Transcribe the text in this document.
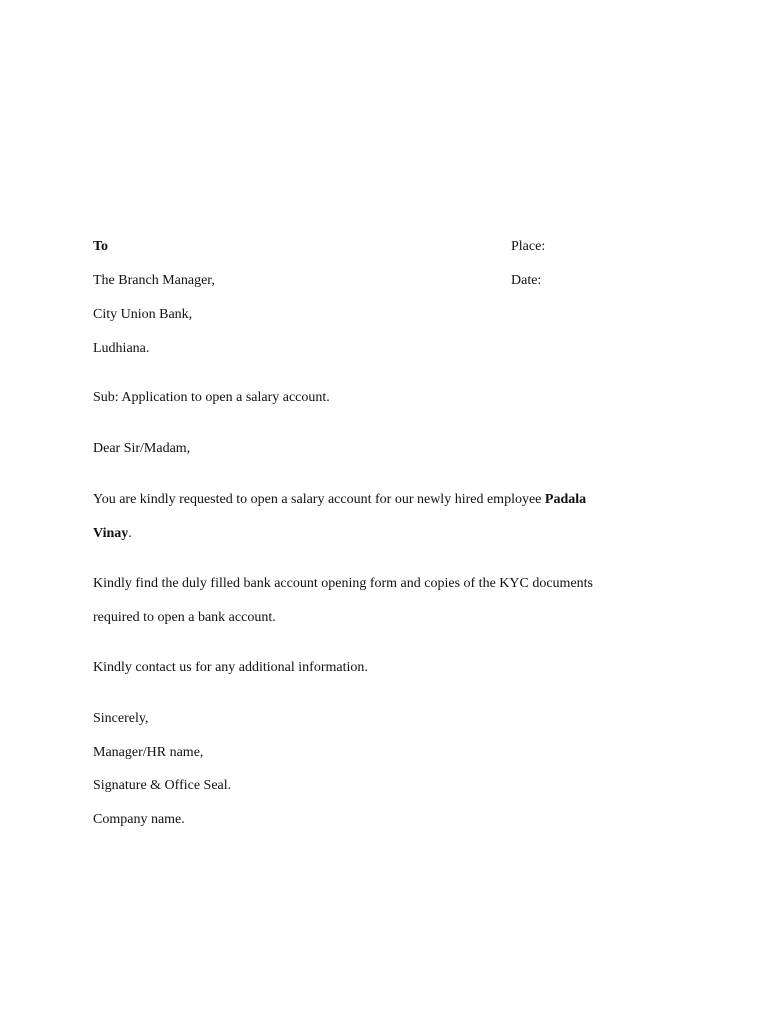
To	Place:
The Branch Manager,	Date:
City Union Bank,
Ludhiana.
Sub: Application to open a salary account.
Dear Sir/Madam,
You are kindly requested to open a salary account for our newly hired employee Padala
Vinay.
Kindly find the duly filled bank account opening form and copies of the KYC documents
required to open a bank account.
Kindly contact us for any additional information.
Sincerely,
Manager/HR name,
Signature & Office Seal.
Company name.
